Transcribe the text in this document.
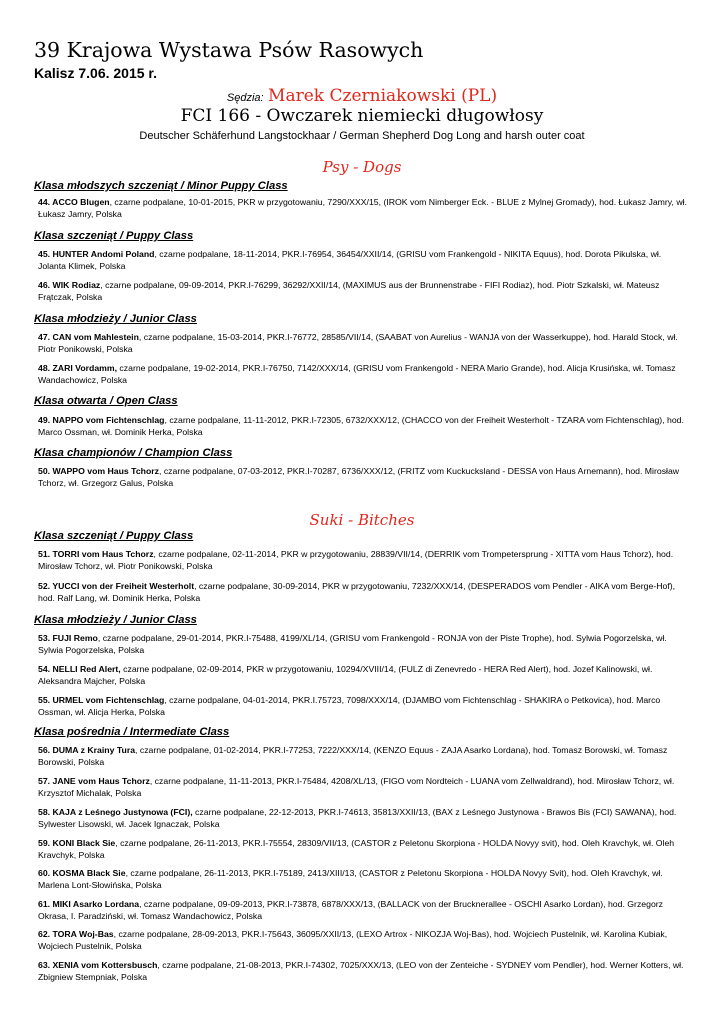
39 Krajowa Wystawa Psów Rasowych
Kalisz 7.06. 2015 r.
Sędzia: Marek Czerniakowski (PL)
FCI 166 - Owczarek niemiecki długowłosy
Deutscher Schäferhund Langstockhaar / German Shepherd Dog Long and harsh outer coat
Psy - Dogs
Klasa młodszych szczeniąt / Minor Puppy Class
44. ACCO Blugen, czarne podpalane, 10-01-2015, PKR w przygotowaniu, 7290/XXX/15, (IROK vom Nimberger Eck. - BLUE z Mylnej Gromady), hod. Łukasz Jamry, wł. Łukasz Jamry, Polska
Klasa szczeniąt / Puppy Class
45. HUNTER Andomi Poland, czarne podpalane, 18-11-2014, PKR.I-76954, 36454/XXII/14, (GRISU vom Frankengold - NIKITA Equus), hod. Dorota Pikulska, wł. Jolanta Klimek, Polska
46. WIK Rodiaz, czarne podpalane, 09-09-2014, PKR.I-76299, 36292/XXII/14, (MAXIMUS aus der Brunnenstrabe - FIFI Rodiaz), hod. Piotr Szkalski, wł. Mateusz Frątczak, Polska
Klasa młodzieży / Junior Class
47. CAN vom Mahlestein, czarne podpalane, 15-03-2014, PKR.I-76772, 28585/VII/14, (SAABAT von Aurelius - WANJA von der Wasserkuppe), hod. Harald Stock, wł. Piotr Ponikowski, Polska
48. ZARI Vordamm, czarne podpalane, 19-02-2014, PKR.I-76750, 7142/XXX/14, (GRISU vom Frankengold - NERA Mario Grande), hod. Alicja Krusińska, wł. Tomasz Wandachowicz, Polska
Klasa otwarta / Open Class
49. NAPPO vom Fichtenschlag, czarne podpalane, 11-11-2012, PKR.I-72305, 6732/XXX/12, (CHACCO von der Freiheit Westerholt - TZARA vom Fichtenschlag), hod. Marco Ossman, wł. Dominik Herka, Polska
Klasa championów / Champion Class
50. WAPPO vom Haus Tchorz, czarne podpalane, 07-03-2012, PKR.I-70287, 6736/XXX/12, (FRITZ vom Kuckucksland - DESSA von Haus Arnemann), hod. Mirosław Tchorz, wł. Grzegorz Galus, Polska
Suki - Bitches
Klasa szczeniąt / Puppy Class
51. TORRI vom Haus Tchorz, czarne podpalane, 02-11-2014, PKR w przygotowaniu, 28839/VII/14, (DERRIK vom Trompetersprung - XITTA vom Haus Tchorz), hod. Mirosław Tchorz, wł. Piotr Ponikowski, Polska
52. YUCCI von der Freiheit Westerholt, czarne podpalane, 30-09-2014, PKR w przygotowaniu, 7232/XXX/14, (DESPERADOS vom Pendler - AIKA vom Berge-Hof), hod. Ralf Lang, wł. Dominik Herka, Polska
Klasa młodzieży / Junior Class
53. FUJI Remo, czarne podpalane, 29-01-2014, PKR.I-75488, 4199/XL/14, (GRISU vom Frankengold - RONJA von der Piste Trophe), hod. Sylwia Pogorzelska, wł. Sylwia Pogorzelska, Polska
54. NELLI Red Alert, czarne podpalane, 02-09-2014, PKR w przygotowaniu, 10294/XVIII/14, (FULZ di Zenevredo - HERA Red Alert), hod. Jozef Kalinowski, wł. Aleksandra Majcher, Polska
55. URMEL vom Fichtenschlag, czarne podpalane, 04-01-2014, PKR.I.75723, 7098/XXX/14, (DJAMBO vom Fichtenschlag - SHAKIRA o Petkovica), hod. Marco Ossman, wł. Alicja Herka, Polska
Klasa pośrednia / Intermediate Class
56. DUMA z Krainy Tura, czarne podpalane, 01-02-2014, PKR.I-77253, 7222/XXX/14, (KENZO Equus - ZAJA Asarko Lordana), hod. Tomasz Borowski, wł. Tomasz Borowski, Polska
57. JANE vom Haus Tchorz, czarne podpalane, 11-11-2013, PKR.I-75484, 4208/XL/13, (FIGO vom Nordteich - LUANA vom Zellwaldrand), hod. Mirosław Tchorz, wł. Krzysztof Michalak, Polska
58. KAJA z Leśnego Justynowa (FCI), czarne podpalane, 22-12-2013, PKR.I-74613, 35813/XXII/13, (BAX z Leśnego Justynowa - Brawos Bis (FCI) SAWANA), hod. Sylwester Lisowski, wł. Jacek Ignaczak, Polska
59. KONI Black Sie, czarne podpalane, 26-11-2013, PKR.I-75554, 28309/VII/13, (CASTOR z Peletonu Skorpiona - HOLDA Novyy svit), hod. Oleh Kravchyk, wł. Oleh Kravchyk, Polska
60. KOSMA Black Sie, czarne podpalane, 26-11-2013, PKR.I-75189, 2413/XIII/13, (CASTOR z Peletonu Skorpiona - HOLDA Novyy Svit), hod. Oleh Kravchyk, wł. Marlena Lont-Słowińska, Polska
61. MIKI Asarko Lordana, czarne podpalane, 09-09-2013, PKR.I-73878, 6878/XXX/13, (BALLACK von der Brucknerallee - OSCHI Asarko Lordan), hod. Grzegorz Okrasa, I. Paradziński, wł. Tomasz Wandachowicz, Polska
62. TORA Woj-Bas, czarne podpalane, 28-09-2013, PKR.I-75643, 36095/XXII/13, (LEXO Artrox - NIKOZJA Woj-Bas), hod. Wojciech Pustelnik, wł. Karolina Kubiak, Wojciech Pustelnik, Polska
63. XENIA vom Kottersbusch, czarne podpalane, 21-08-2013, PKR.I-74302, 7025/XXX/13, (LEO von der Zenteiche - SYDNEY vom Pendler), hod. Werner Kotters, wł. Zbigniew Stempniak, Polska
